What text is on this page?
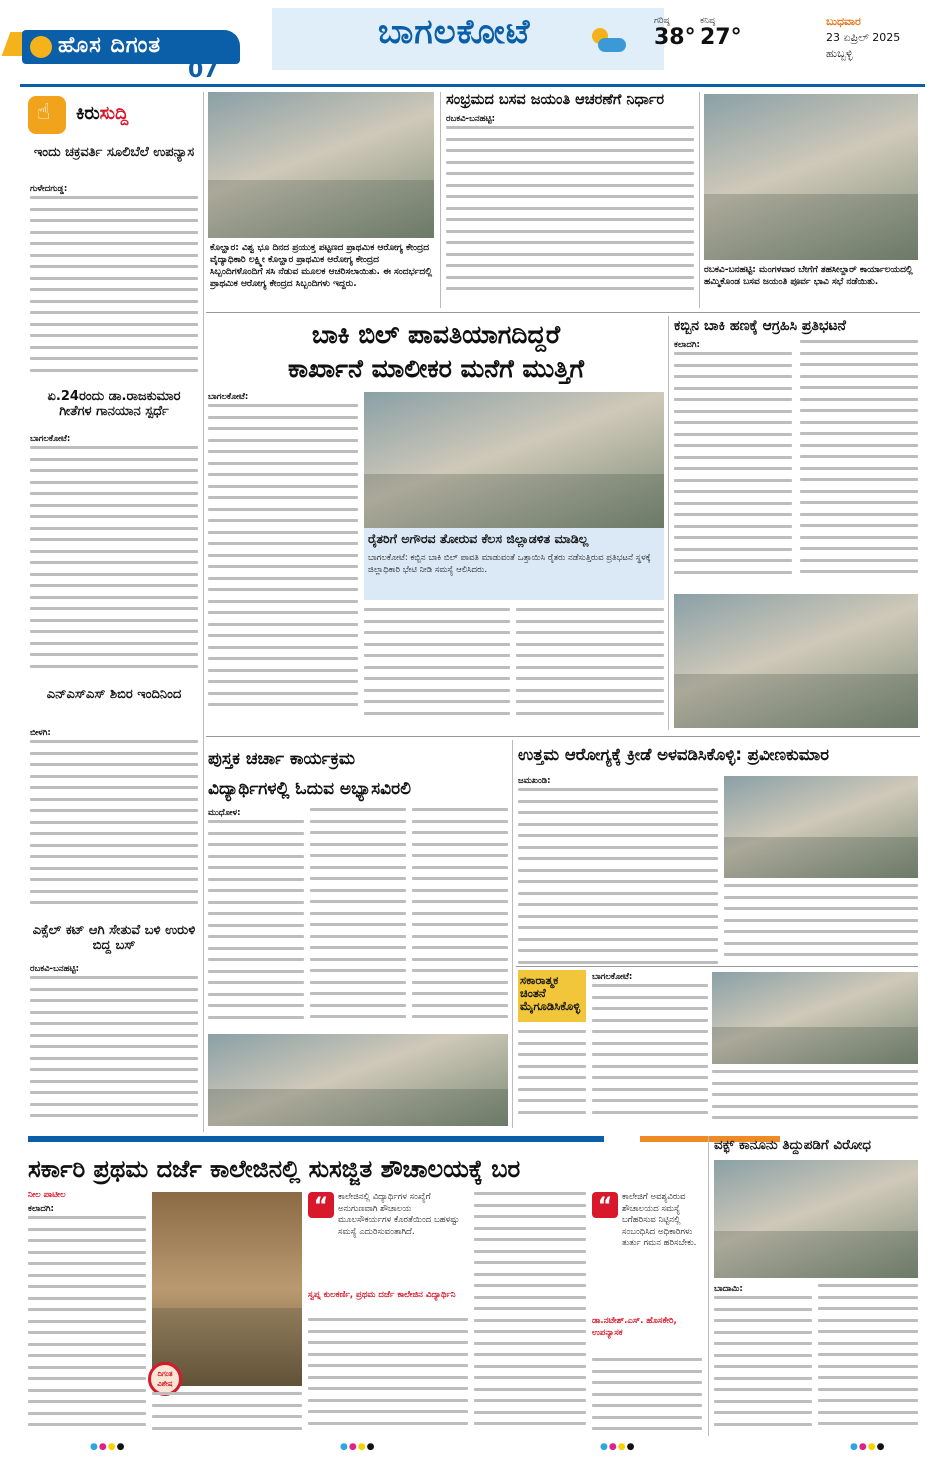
ಹೊಸ ದಿಗಂತ
07
ಬಾಗಲಕೋಟೆ	ಗರಿಷ್ಠ
38°
ಕನಿಷ್ಠ
27°
ಬುಧವಾರ
23 ಏಪ್ರಿಲ್ 2025
ಹುಬ್ಬಳ್ಳಿ
☝
ಕಿರುಸುದ್ದಿ
ಇಂದು ಚಕ್ರವರ್ತಿ ಸೂಲಿಬೆಲೆ ಉಪನ್ಯಾಸ
ಗುಳೇದಗುಡ್ಡ:
ಏ.24ರಂದು ಡಾ.ರಾಜಕುಮಾರ ಗೀತೆಗಳ ಗಾನಯಾನ ಸ್ಪರ್ಧೆ
ಬಾಗಲಕೋಟೆ:
ಎನ್‌ಎಸ್‌ಎಸ್ ಶಿಬಿರ ಇಂದಿನಿಂದ
ಬೀಳಗಿ:
ಎಕ್ಸೆಲ್ ಕಟ್ ಆಗಿ ಸೇತುವೆ ಬಳಿ ಉರುಳಿ ಬಿದ್ದ ಬಸ್
ರಬಕವಿ-ಬನಹಟ್ಟಿ:
ಕೊಲ್ಹಾರ: ವಿಶ್ವ ಭೂ ದಿನದ ಪ್ರಯುಕ್ತ ಪಟ್ಟಣದ ಪ್ರಾಥಮಿಕ ಆರೋಗ್ಯ ಕೇಂದ್ರದ ವೈದ್ಯಾಧಿಕಾರಿ ಲಕ್ಷ್ಮೀ ಕೊಲ್ಹಾರ ಪ್ರಾಥಮಿಕ ಆರೋಗ್ಯ ಕೇಂದ್ರದ ಸಿಬ್ಬಂದಿಗಳೊಂದಿಗೆ ಸಸಿ ನೆಡುವ ಮೂಲಕ ಆಚರಿಸಲಾಯಿತು. ಈ ಸಂದರ್ಭದಲ್ಲಿ ಪ್ರಾಥಮಿಕ ಆರೋಗ್ಯ ಕೇಂದ್ರದ ಸಿಬ್ಬಂದಿಗಳು ಇದ್ದರು.
ಸಂಭ್ರಮದ ಬಸವ ಜಯಂತಿ ಆಚರಣೆಗೆ ನಿರ್ಧಾರ
ರಬಕವಿ-ಬನಹಟ್ಟಿ:
ರಬಕವಿ-ಬನಹಟ್ಟಿ: ಮಂಗಳವಾರ ಬೇಗೆಗೆ ತಹಸೀಲ್ದಾರ್ ಕಾರ್ಯಾಲಯದಲ್ಲಿ ಹಮ್ಮಿಕೊಂಡ ಬಸವ ಜಯಂತಿ ಪೂರ್ವ ಭಾವಿ ಸಭೆ ನಡೆಯಿತು.
ಬಾಕಿ ಬಿಲ್ ಪಾವತಿಯಾಗದಿದ್ದರೆ
ಕಾರ್ಖಾನೆ ಮಾಲೀಕರ ಮನೆಗೆ ಮುತ್ತಿಗೆ
ಬಾಗಲಕೋಟೆ:
ರೈತರಿಗೆ ಅಗೌರವ ತೋರುವ ಕೆಲಸ ಜಿಲ್ಲಾಡಳಿತ ಮಾಡಿಲ್ಲ
ಬಾಗಲಕೋಟೆ: ಕಬ್ಬಿನ ಬಾಕಿ ಬಿಲ್ ಪಾವತಿ ಮಾಡುವಂತೆ ಒತ್ತಾಯಿಸಿ ರೈತರು ನಡೆಸುತ್ತಿರುವ ಪ್ರತಿಭಟನೆ ಸ್ಥಳಕ್ಕೆ ಜಿಲ್ಲಾಧಿಕಾರಿ ಭೇಟಿ ನೀಡಿ ಸಮಸ್ಯೆ ಆಲಿಸಿದರು.
ಕಬ್ಬಿನ ಬಾಕಿ ಹಣಕ್ಕೆ ಆಗ್ರಹಿಸಿ ಪ್ರತಿಭಟನೆ
ಕಲಾದಗಿ:
ಪುಸ್ತಕ ಚರ್ಚಾ ಕಾರ್ಯಕ್ರಮ
ವಿದ್ಯಾರ್ಥಿಗಳಲ್ಲಿ ಓದುವ ಅಭ್ಯಾಸವಿರಲಿ
ಮುಧೋಳ:
ಉತ್ತಮ ಆರೋಗ್ಯಕ್ಕೆ ಕ್ರೀಡೆ ಅಳವಡಿಸಿಕೊಳ್ಳಿ: ಪ್ರವೀಣಕುಮಾರ
ಜಮಖಂಡಿ:
ಸಕಾರಾತ್ಮಕ ಚಿಂತನೆ ಮೈಗೂಡಿಸಿಕೊಳ್ಳಿ
ಬಾಗಲಕೋಟೆ:
ಸರ್ಕಾರಿ ಪ್ರಥಮ ದರ್ಜೆ ಕಾಲೇಜಿನಲ್ಲಿ ಸುಸಜ್ಜಿತ ಶೌಚಾಲಯಕ್ಕೆ ಬರ
ನೀಲ ಪಾಟೀಲ
ಕಲಾದಗಿ:
ದಿಗಂತ ವಿಶೇಷ
“	ಕಾಲೇಜಿನಲ್ಲಿ ವಿದ್ಯಾರ್ಥಿಗಳ ಸಂಖ್ಯೆಗೆ ಅನುಗುಣವಾಗಿ ಶೌಚಾಲಯ ಮೂಲಸೌಕರ್ಯಗಳ ಕೊರತೆಯಿಂದ ಬಹಳಷ್ಟು ಸಮಸ್ಯೆ ಎದುರಿಸುವಂತಾಗಿದೆ.
ಸ್ವಪ್ನ ಕುಲಕರ್ಣಿ, ಪ್ರಥಮ ದರ್ಜೆ ಕಾಲೇಜಿನ ವಿದ್ಯಾರ್ಥಿನಿ
“	ಕಾಲೇಜಿಗೆ ಅವಶ್ಯವಿರುವ ಶೌಚಾಲಯದ ಸಮಸ್ಯೆ ಬಗೆಹರಿಸುವ ನಿಟ್ಟಿನಲ್ಲಿ ಸಂಬಂಧಿಸಿದ ಅಧಿಕಾರಿಗಳು ತುರ್ತು ಗಮನ ಹರಿಸಬೇಕು.
ಡಾ.ನಟೇಶ್.ಎಸ್. ಹೊಸಕೇರಿ, ಉಪನ್ಯಾಸಕ
ವಕ್ಫ್ ಕಾನೂನು ತಿದ್ದುಪಡಿಗೆ ವಿರೋಧ
ಬಾದಾಮಿ:
●●●●	●●●●	●●●●	●●●●
